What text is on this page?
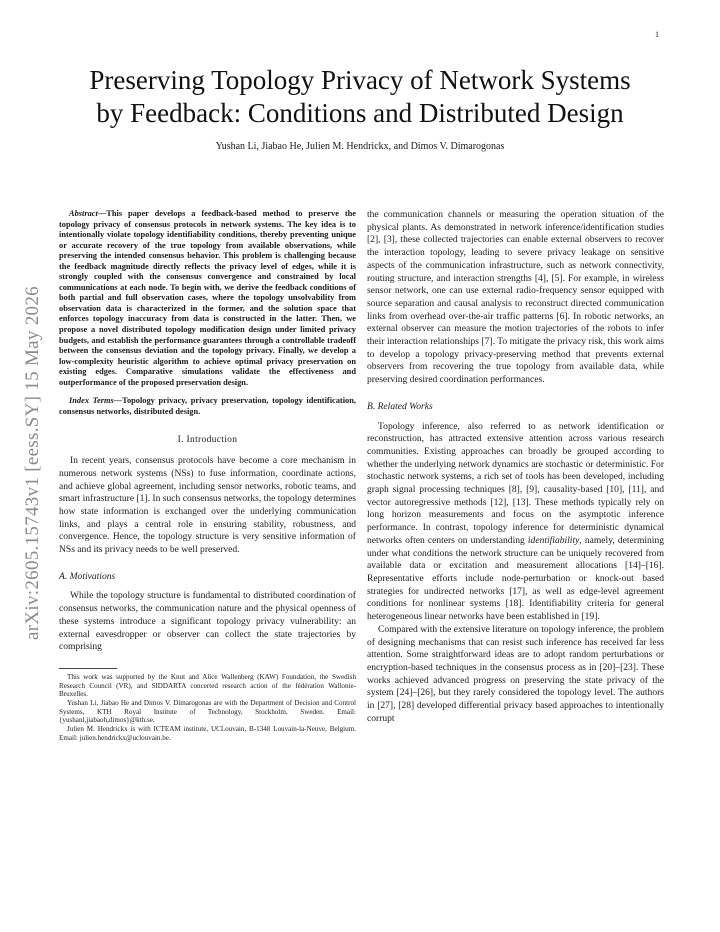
1
arXiv:2605.15743v1 [eess.SY] 15 May 2026
Preserving Topology Privacy of Network Systems
by Feedback: Conditions and Distributed Design
Yushan Li, Jiabao He, Julien M. Hendrickx, and Dimos V. Dimarogonas

Abstract—This paper develops a feedback-based method to preserve the topology privacy of consensus protocols in network systems. The key idea is to intentionally violate topology identifiability conditions, thereby preventing unique or accurate recovery of the true topology from available observations, while preserving the intended consensus behavior. This problem is challenging because the feedback magnitude directly reflects the privacy level of edges, while it is strongly coupled with the consensus convergence and constrained by local communications at each node. To begin with, we derive the feedback conditions of both partial and full observation cases, where the topology unsolvability from observation data is characterized in the former, and the solution space that enforces topology inaccuracy from data is constructed in the latter. Then, we propose a novel distributed topology modification design under limited privacy budgets, and establish the performance guarantees through a controllable tradeoff between the consensus deviation and the topology privacy. Finally, we develop a low-complexity heuristic algorithm to achieve optimal privacy preservation on existing edges. Comparative simulations validate the effectiveness and outperformance of the proposed preservation design.

Index Terms—Topology privacy, privacy preservation, topology identification, consensus networks, distributed design.

I. Introduction

In recent years, consensus protocols have become a core mechanism in numerous network systems (NSs) to fuse information, coordinate actions, and achieve global agreement, including sensor networks, robotic teams, and smart infrastructure [1]. In such consensus networks, the topology determines how state information is exchanged over the underlying communication links, and plays a central role in ensuring stability, robustness, and convergence. Hence, the topology structure is very sensitive information of NSs and its privacy needs to be well preserved.

A. Motivations

While the topology structure is fundamental to distributed coordination of consensus networks, the communication nature and the physical openness of these systems introduce a significant topology privacy vulnerability: an external eavesdropper or observer can collect the state trajectories by comprising

This work was supported by the Knut and Alice Wallenberg (KAW) Foundation, the Swedish Research Council (VR), and SIDDARTA concerted research action of the fédération Wallonie-Bruxelles.

Yushan Li, Jiabao He and Dimos V. Dimarogonas are with the Department of Decision and Control Systems, KTH Royal Institute of Technology, Stockholm, Sweden. Email: {yushanl,jiabaoh,dimos}@kth.se.

Julien M. Hendrickx is with ICTEAM institute, UCLouvain, B-1348 Louvain-la-Neuve, Belgium. Email: julien.hendrickx@uclouvain.be.

the communication channels or measuring the operation situation of the physical plants. As demonstrated in network inference/identification studies [2], [3], these collected trajectories can enable external observers to recover the interaction topology, leading to severe privacy leakage on sensitive aspects of the communication infrastructure, such as network connectivity, routing structure, and interaction strengths [4], [5]. For example, in wireless sensor network, one can use external radio-frequency sensor equipped with source separation and causal analysis to reconstruct directed communication links from overhead over-the-air traffic patterns [6]. In robotic networks, an external observer can measure the motion trajectories of the robots to infer their interaction relationships [7]. To mitigate the privacy risk, this work aims to develop a topology privacy-preserving method that prevents external observers from recovering the true topology from available data, while preserving desired coordination performances.

B. Related Works

Topology inference, also referred to as network identification or reconstruction, has attracted extensive attention across various research communities. Existing approaches can broadly be grouped according to whether the underlying network dynamics are stochastic or deterministic. For stochastic network systems, a rich set of tools has been developed, including graph signal processing techniques [8], [9], causality-based [10], [11], and vector autoregressive methods [12], [13]. These methods typically rely on long horizon measurements and focus on the asymptotic inference performance. In contrast, topology inference for deterministic dynamical networks often centers on understanding identifiability, namely, determining under what conditions the network structure can be uniquely recovered from available data or excitation and measurement allocations [14]–[16]. Representative efforts include node-perturbation or knock-out based strategies for undirected networks [17], as well as edge-level agreement conditions for nonlinear systems [18]. Identifiability criteria for general heterogeneous linear networks have been established in [19].

Compared with the extensive literature on topology inference, the problem of designing mechanisms that can resist such inference has received far less attention. Some straightforward ideas are to adopt random perturbations or encryption-based techniques in the consensus process as in [20]–[23]. These works achieved advanced progress on preserving the state privacy of the system [24]–[26], but they rarely considered the topology level. The authors in [27], [28] developed differential privacy based approaches to intentionally corrupt
